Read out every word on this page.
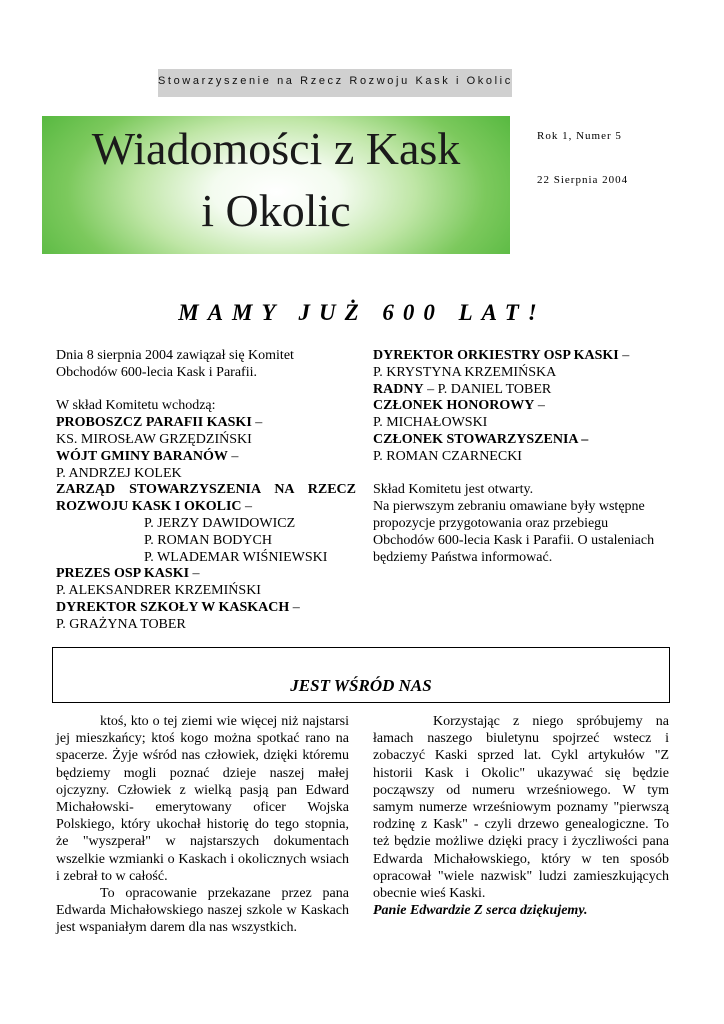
Stowarzyszenie na Rzecz Rozwoju Kask i Okolic
Wiadomości z Kask
i Okolic
Rok 1, Numer 5
22 Sierpnia 2004
MAMY JUŻ 600 LAT!

Dnia 8 sierpnia 2004 zawiązał się Komitet Obchodów 600-lecia Kask i Parafii.

W skład Komitetu wchodzą:

PROBOSZCZ PARAFII KASKI –

KS. MIROSŁAW GRZĘDZIŃSKI

WÓJT GMINY BARANÓW –

P. ANDRZEJ KOLEK

ZARZĄD STOWARZYSZENIA NA RZECZ ROZWOJU KASK I OKOLIC –

P. JERZY DAWIDOWICZ

P. ROMAN BODYCH

P. WLADEMAR WIŚNIEWSKI

PREZES OSP KASKI –

P. ALEKSANDRER KRZEMIŃSKI

DYREKTOR SZKOŁY W KASKACH –

P. GRAŻYNA TOBER

DYREKTOR ORKIESTRY OSP KASKI –

P. KRYSTYNA KRZEMIŃSKA

RADNY – P. DANIEL TOBER

CZŁONEK HONOROWY –

P. MICHAŁOWSKI

CZŁONEK STOWARZYSZENIA –

P. ROMAN CZARNECKI

Skład Komitetu jest otwarty.

Na pierwszym zebraniu omawiane były wstępne propozycje przygotowania oraz przebiegu Obchodów 600-lecia Kask i Parafii. O ustaleniach będziemy Państwa informować.

JEST WŚRÓD NAS

ktoś, kto o tej ziemi wie więcej niż najstarsi jej mieszkańcy; ktoś kogo można spotkać rano na spacerze. Żyje wśród nas człowiek, dzięki któremu będziemy mogli poznać dzieje naszej małej ojczyzny. Człowiek z wielką pasją pan Edward Michałowski- emerytowany oficer Wojska Polskiego, który ukochał historię do tego stopnia, że "wyszperał" w najstarszych dokumentach wszelkie wzmianki o Kaskach i okolicznych wsiach i zebrał to w całość.

To opracowanie przekazane przez pana Edwarda Michałowskiego naszej szkole w Kaskach jest wspaniałym darem dla nas wszystkich.

Korzystając z niego spróbujemy na łamach naszego biuletynu spojrzeć wstecz i zobaczyć Kaski sprzed lat. Cykl artykułów "Z historii Kask i Okolic" ukazywać się będzie począwszy od numeru wrześniowego. W tym samym numerze wrześniowym poznamy "pierwszą rodzinę z Kask" - czyli drzewo genealogiczne. To też będzie możliwe dzięki pracy i życzliwości pana Edwarda Michałowskiego, który w ten sposób opracował "wiele nazwisk" ludzi zamieszkujących obecnie wieś Kaski.

Panie Edwardzie Z serca dziękujemy.
